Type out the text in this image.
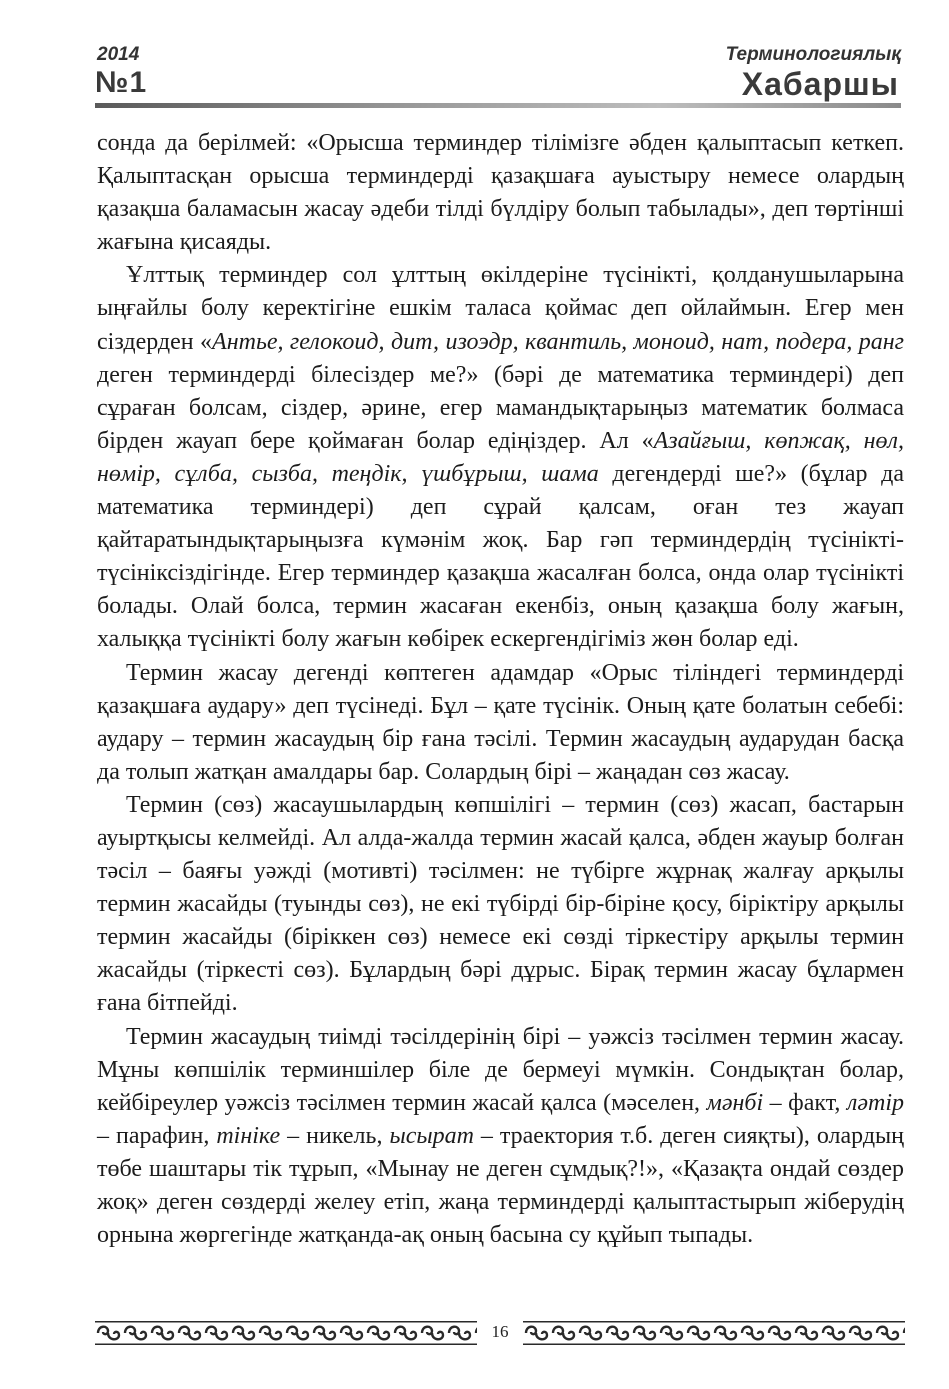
2014
№1
Терминологиялық
Хабаршы

сонда да берілмей: «Орысша терминдер тілімізге әбден қалыптасып кеткеп. Қалыптасқан орысша терминдерді қазақшаға ауыстыру немесе олардың қазақша баламасын жасау әдеби тілді бүлдіру болып табылады», деп төртінші жағына қисаяды.

Ұлттық терминдер сол ұлттың өкілдеріне түсінікті, қолданушыларына ыңғайлы болу керектігіне ешкім таласа қоймас деп ойлаймын. Егер мен сіздерден «Антье, гелокоид, дит, изоэдр, квантиль, моноид, нат, подера, ранг деген терминдерді білесіздер ме?» (бәрі де математика терминдері) деп сұраған болсам, сіздер, әрине, егер мамандықтарыңыз математик болмаса бірден жауап бере қоймаған болар едіңіздер. Ал «Азайғыш, көпжақ, нөл, нөмір, сұлба, сызба, теңдік, үшбұрыш, шама дегендерді ше?» (бұлар да математика терминдері) деп сұрай қалсам, оған тез жауап қайтаратындықтарыңызға күмәнім жоқ. Бар гәп терминдердің түсінікті-түсініксіздігінде. Егер терминдер қазақша жасалған болса, онда олар түсінікті болады. Олай болса, термин жасаған екенбіз, оның қазақша болу жағын, халыққа түсінікті болу жағын көбірек ескергендігіміз жөн болар еді.

Термин жасау дегенді көптеген адамдар «Орыс тіліндегі терминдерді қазақшаға аудару» деп түсінеді. Бұл – қате түсінік. Оның қате болатын себебі: аудару – термин жасаудың бір ғана тәсілі. Термин жасаудың аударудан басқа да толып жатқан амалдары бар. Солардың бірі – жаңадан сөз жасау.

Термин (сөз) жасаушылардың көпшілігі – термин (сөз) жасап, бастарын ауыртқысы келмейді. Ал алда-жалда термин жасай қалса, әбден жауыр болған тәсіл – баяғы уәжді (мотивті) тәсілмен: не түбірге жұрнақ жалғау арқылы термин жасайды (туынды сөз), не екі түбірді бір-біріне қосу, біріктіру арқылы термин жасайды (біріккен сөз) немесе екі сөзді тіркестіру арқылы термин жасайды (тіркесті сөз). Бұлардың бәрі дұрыс. Бірақ термин жасау бұлармен ғана бітпейді.

Термин жасаудың тиімді тәсілдерінің бірі – уәжсіз тәсілмен термин жасау. Мұны көпшілік терминшілер біле де бермеуі мүмкін. Сондықтан болар, кейбіреулер уәжсіз тәсілмен термин жасай қалса (мәселен, мәнбі – факт, ләтір – парафин, тініке – никель, ысырат – траектория т.б. деген сияқты), олардың төбе шаштары тік тұрып, «Мынау не деген сұмдық?!», «Қазақта ондай сөздер жоқ» деген сөздерді желеу етіп, жаңа терминдерді қалыптастырып жіберудің орнына жөргегінде жатқанда-ақ оның басына су құйып тыпады.

16
